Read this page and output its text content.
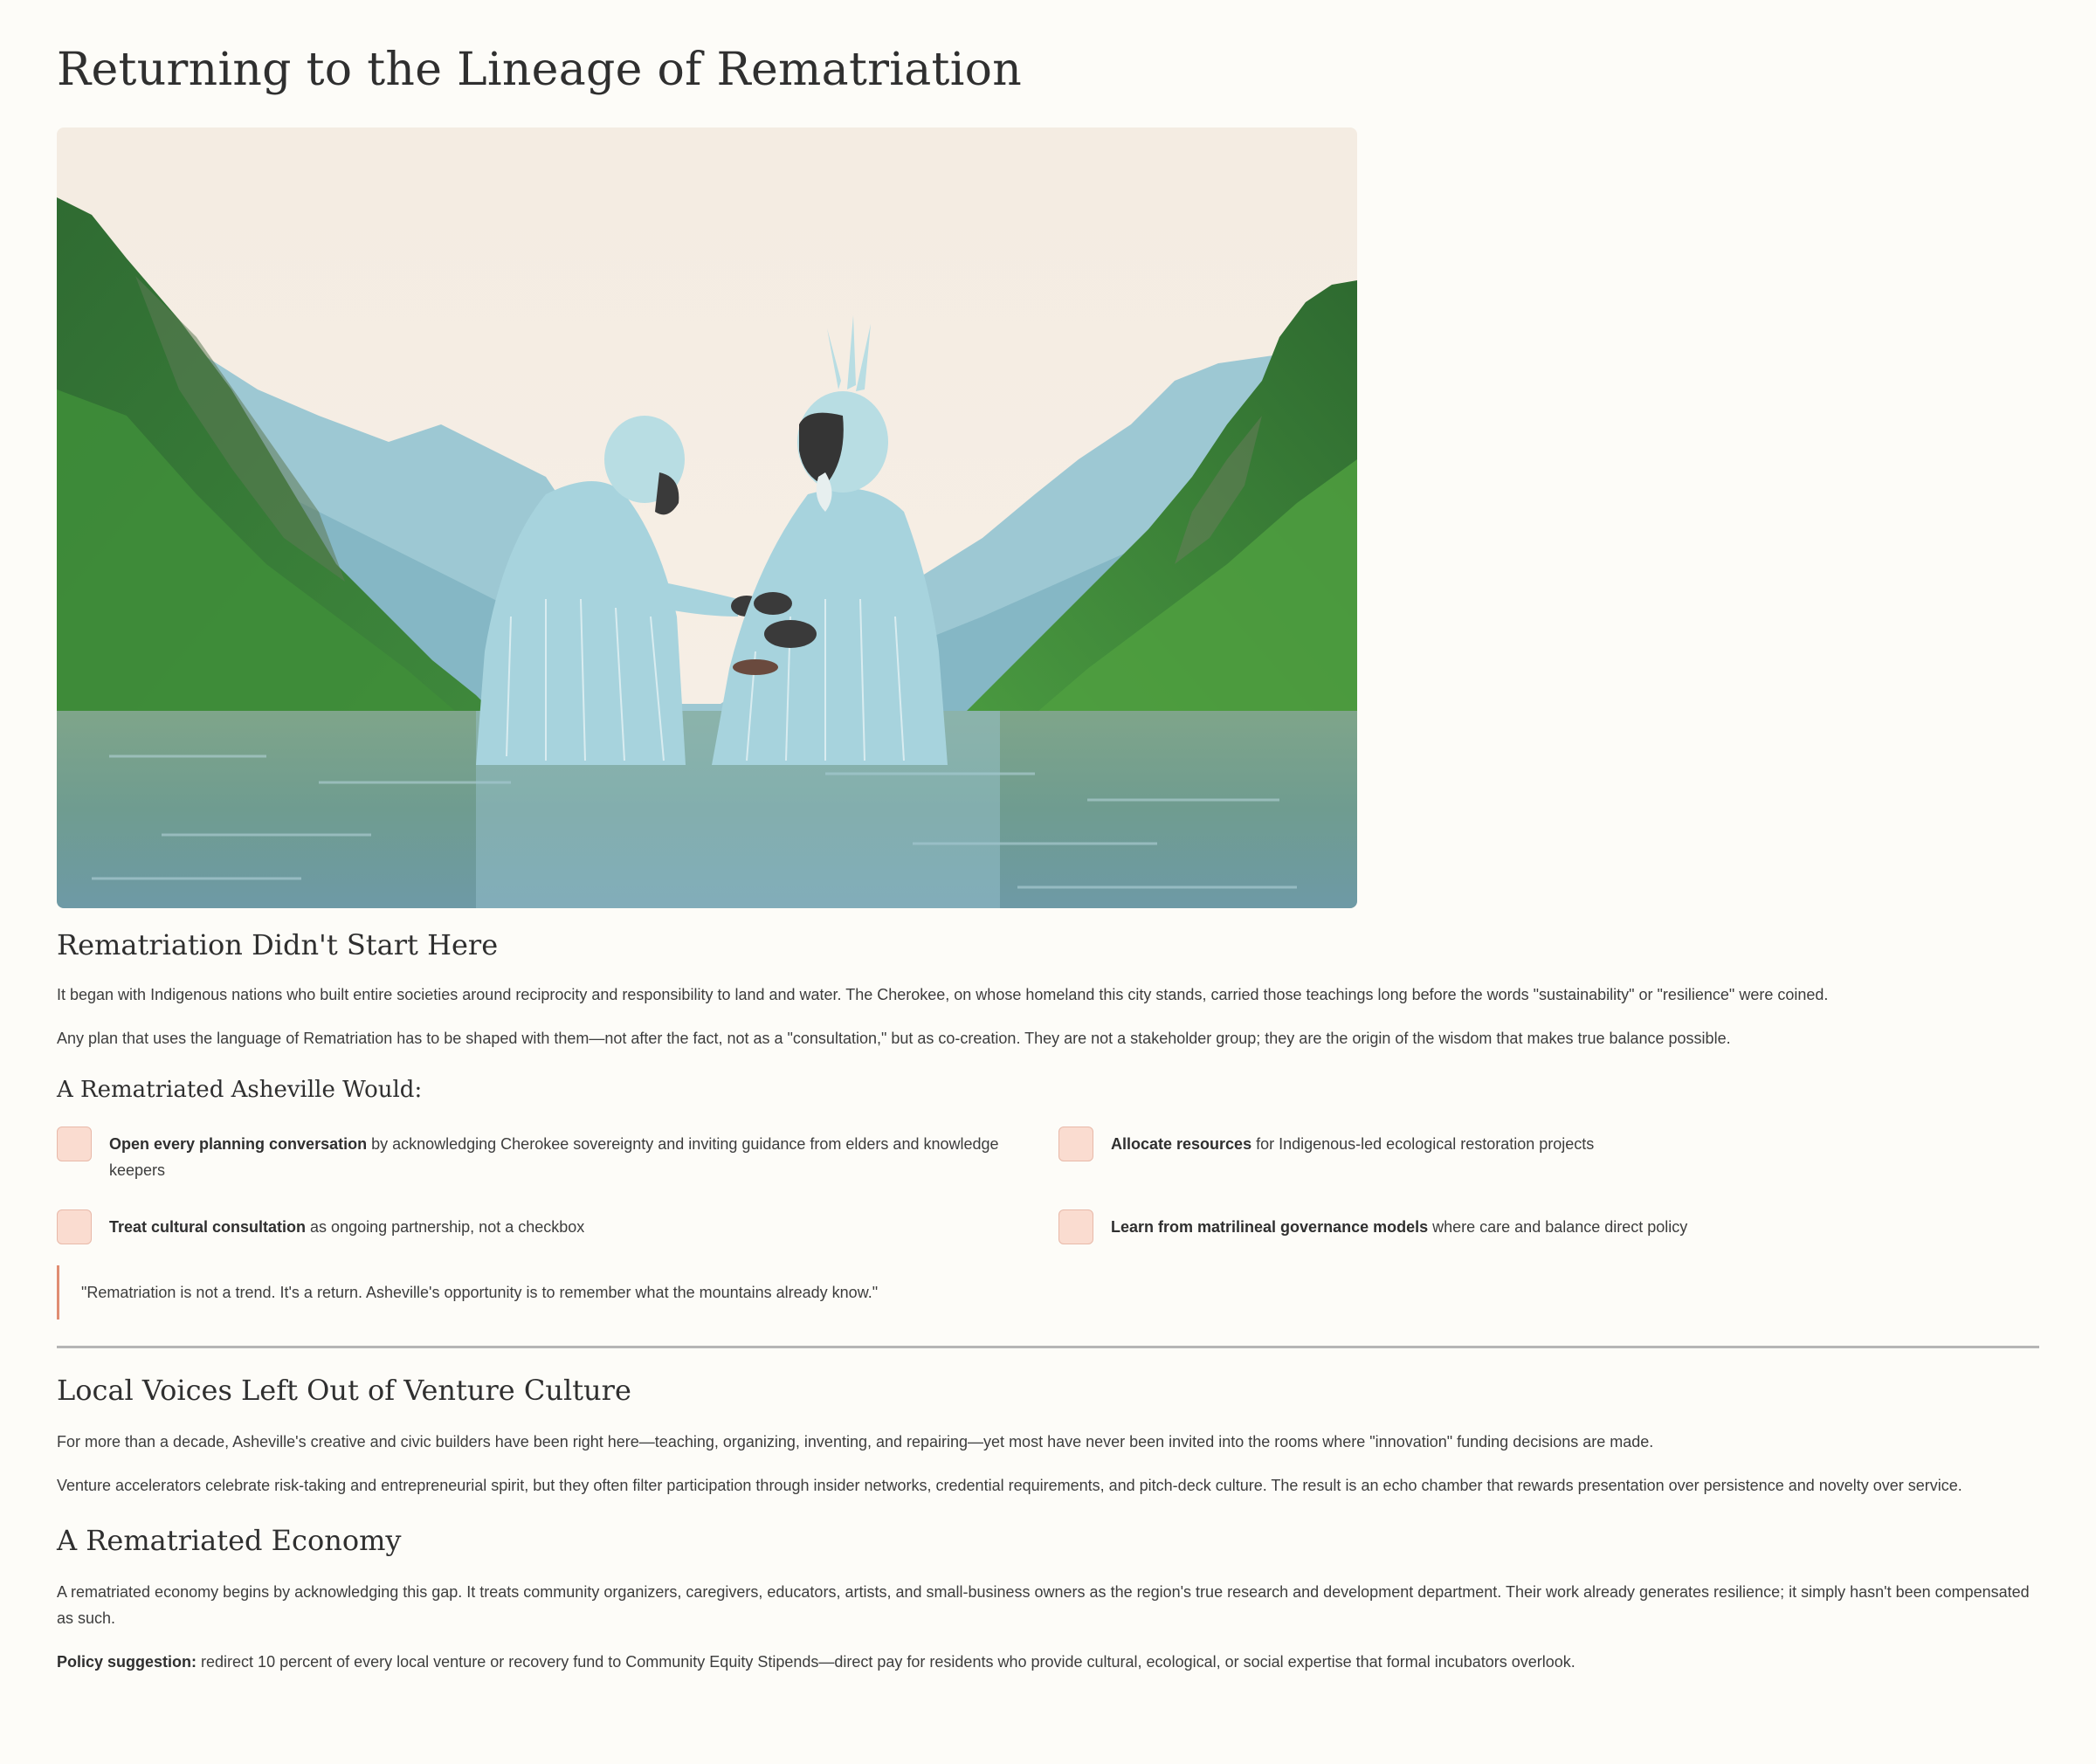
Returning to the Lineage of Rematriation
Rematriation Didn't Start Here

It began with Indigenous nations who built entire societies around reciprocity and responsibility to land and water. The Cherokee, on whose homeland this city stands, carried those teachings long before the words "sustainability" or "resilience" were coined.

Any plan that uses the language of Rematriation has to be shaped with them—not after the fact, not as a "consultation," but as co-creation. They are not a stakeholder group; they are the origin of the wisdom that makes true balance possible.

A Rematriated Asheville Would:
Open every planning conversation by acknowledging Cherokee sovereignty and inviting guidance from elders and knowledge keepers
Allocate resources for Indigenous-led ecological restoration projects
Treat cultural consultation as ongoing partnership, not a checkbox	Learn from matrilineal governance models where care and balance direct policy
"Rematriation is not a trend. It's a return. Asheville's opportunity is to remember what the mountains already know."
Local Voices Left Out of Venture Culture

For more than a decade, Asheville's creative and civic builders have been right here—teaching, organizing, inventing, and repairing—yet most have never been invited into the rooms where "innovation" funding decisions are made.

Venture accelerators celebrate risk-taking and entrepreneurial spirit, but they often filter participation through insider networks, credential requirements, and pitch-deck culture. The result is an echo chamber that rewards presentation over persistence and novelty over service.

A Rematriated Economy

A rematriated economy begins by acknowledging this gap. It treats community organizers, caregivers, educators, artists, and small-business owners as the region's true research and development department. Their work already generates resilience; it simply hasn't been compensated as such.

Policy suggestion: redirect 10 percent of every local venture or recovery fund to Community Equity Stipends—direct pay for residents who provide cultural, ecological, or social expertise that formal incubators overlook.
